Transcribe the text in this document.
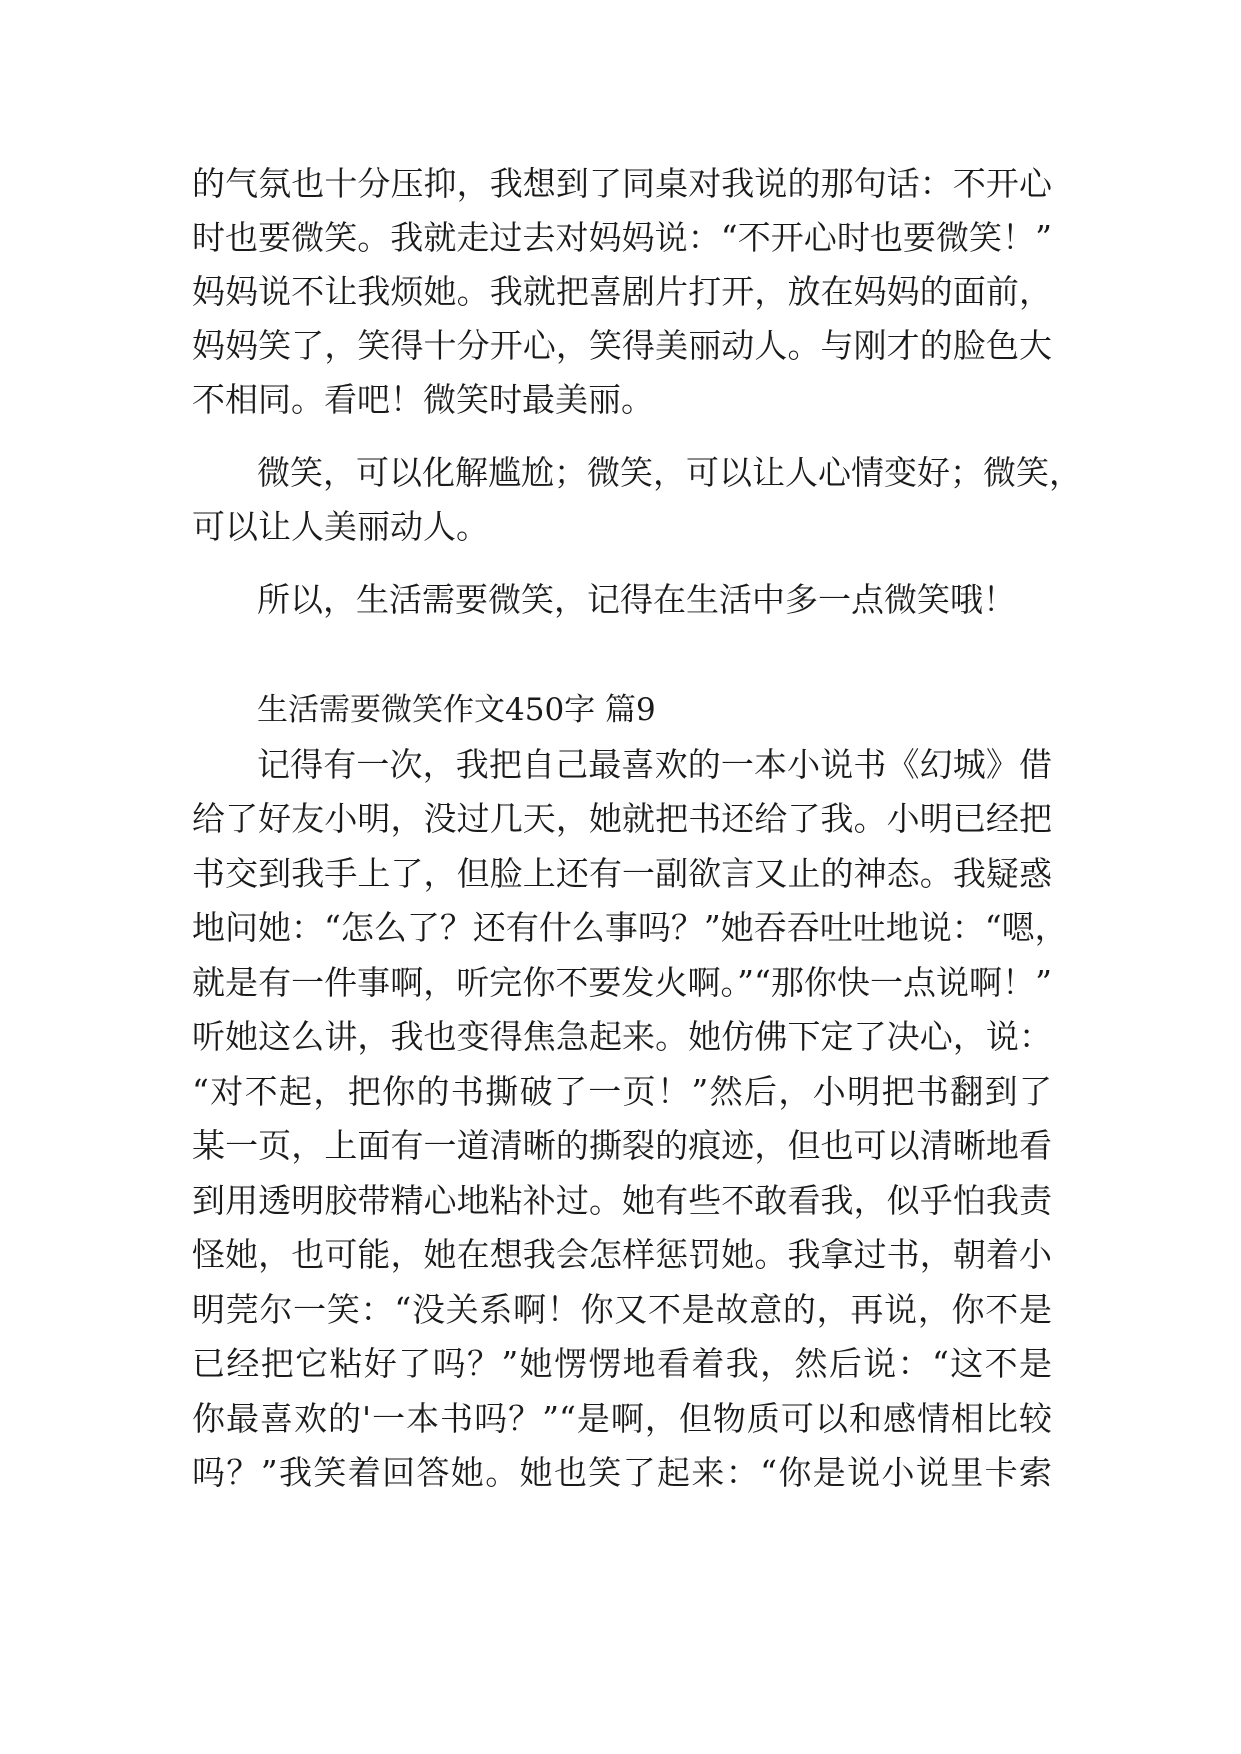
的气氛也十分压抑，我想到了同桌对我说的那句话：不开心
时也要微笑。我就走过去对妈妈说：“不开心时也要微笑！”
妈妈说不让我烦她。我就把喜剧片打开，放在妈妈的面前，
妈妈笑了，笑得十分开心，笑得美丽动人。与刚才的脸色大
不相同。看吧！微笑时最美丽。
微笑，可以化解尴尬；微笑，可以让人心情变好；微笑，
可以让人美丽动人。
所以，生活需要微笑，记得在生活中多一点微笑哦！
生活需要微笑作文450字 篇9
记得有一次，我把自己最喜欢的一本小说书《幻城》借
给了好友小明，没过几天，她就把书还给了我。小明已经把
书交到我手上了，但脸上还有一副欲言又止的神态。我疑惑
地问她：“怎么了？还有什么事吗？”她吞吞吐吐地说：“嗯，
就是有一件事啊，听完你不要发火啊。”“那你快一点说啊！”
听她这么讲，我也变得焦急起来。她仿佛下定了决心，说：
“对不起，把你的书撕破了一页！”然后，小明把书翻到了
某一页，上面有一道清晰的撕裂的痕迹，但也可以清晰地看
到用透明胶带精心地粘补过。她有些不敢看我，似乎怕我责
怪她，也可能，她在想我会怎样惩罚她。我拿过书，朝着小
明莞尔一笑：“没关系啊！你又不是故意的，再说，你不是
已经把它粘好了吗？”她愣愣地看着我，然后说：“这不是
你最喜欢的'一本书吗？”“是啊，但物质可以和感情相比较
吗？”我笑着回答她。她也笑了起来：“你是说小说里卡索
